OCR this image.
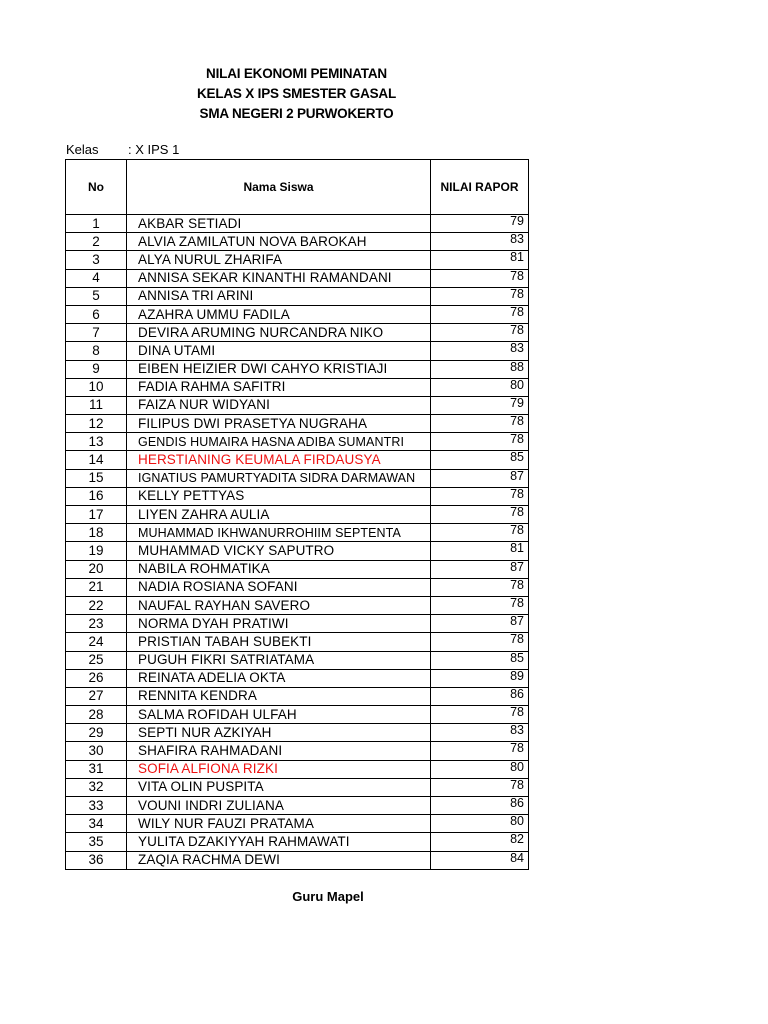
NILAI EKONOMI PEMINATAN
KELAS X IPS SMESTER GASAL
SMA NEGERI 2 PURWOKERTO
Kelas : X IPS 1
No	Nama Siswa	NILAI RAPOR
1	AKBAR SETIADI	79
2	ALVIA ZAMILATUN NOVA BAROKAH	83
3	ALYA NURUL ZHARIFA	81
4	ANNISA SEKAR KINANTHI RAMANDANI	78
5	ANNISA TRI ARINI	78
6	AZAHRA UMMU FADILA	78
7	DEVIRA ARUMING NURCANDRA NIKO	78
8	DINA UTAMI	83
9	EIBEN HEIZIER DWI CAHYO KRISTIAJI	88
10	FADIA RAHMA SAFITRI	80
11	FAIZA NUR WIDYANI	79
12	FILIPUS DWI PRASETYA NUGRAHA	78
13	GENDIS HUMAIRA HASNA ADIBA SUMANTRI	78
14	HERSTIANING KEUMALA FIRDAUSYA	85
15	IGNATIUS PAMURTYADITA SIDRA DARMAWAN	87
16	KELLY PETTYAS	78
17	LIYEN ZAHRA AULIA	78
18	MUHAMMAD IKHWANURROHIIM SEPTENTA	78
19	MUHAMMAD VICKY SAPUTRO	81
20	NABILA ROHMATIKA	87
21	NADIA ROSIANA SOFANI	78
22	NAUFAL RAYHAN SAVERO	78
23	NORMA DYAH PRATIWI	87
24	PRISTIAN TABAH SUBEKTI	78
25	PUGUH FIKRI SATRIATAMA	85
26	REINATA ADELIA OKTA	89
27	RENNITA KENDRA	86
28	SALMA ROFIDAH ULFAH	78
29	SEPTI NUR AZKIYAH	83
30	SHAFIRA RAHMADANI	78
31	SOFIA ALFIONA RIZKI	80
32	VITA OLIN PUSPITA	78
33	VOUNI INDRI ZULIANA	86
34	WILY NUR FAUZI PRATAMA	80
35	YULITA DZAKIYYAH RAHMAWATI	82
36	ZAQIA RACHMA DEWI	84
Guru Mapel
